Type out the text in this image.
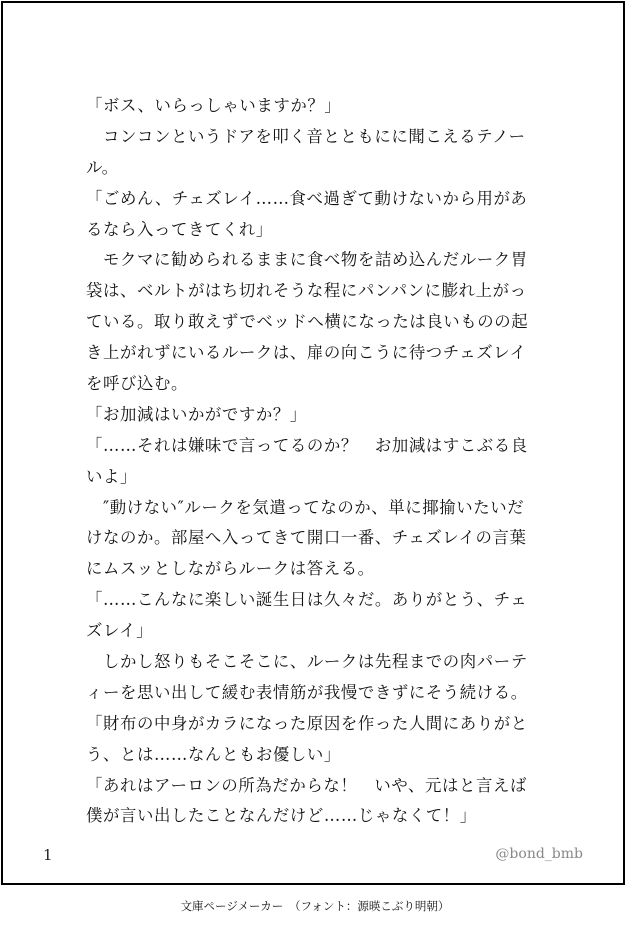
「ボス、いらっしゃいますか？」
　コンコンというドアを叩く音とともにに聞こえるテノー
ル。
「ごめん、チェズレイ……食べ過ぎて動けないから用があ
るなら入ってきてくれ」
　モクマに勧められるままに食べ物を詰め込んだルーク胃
袋は、ベルトがはち切れそうな程にパンパンに膨れ上がっ
ている。取り敢えずでベッドへ横になったは良いものの起
き上がれずにいるルークは、扉の向こうに待つチェズレイ
を呼び込む。
「お加減はいかがですか？」
「……それは嫌味で言ってるのか？　お加減はすこぶる良
いよ」
　″動けない″ルークを気遣ってなのか、単に揶揄いたいだ
けなのか。部屋へ入ってきて開口一番、チェズレイの言葉
にムスッとしながらルークは答える。
「……こんなに楽しい誕生日は久々だ。ありがとう、チェ
ズレイ」
　しかし怒りもそこそこに、ルークは先程までの肉パーテ
ィーを思い出して緩む表情筋が我慢できずにそう続ける。
「財布の中身がカラになった原因を作った人間にありがと
う、とは……なんともお優しい」
「あれはアーロンの所為だからな！　いや、元はと言えば
僕が言い出したことなんだけど……じゃなくて！」
1	@bond_bmb
文庫ページメーカー　（フォント：源暎こぶり明朝）
